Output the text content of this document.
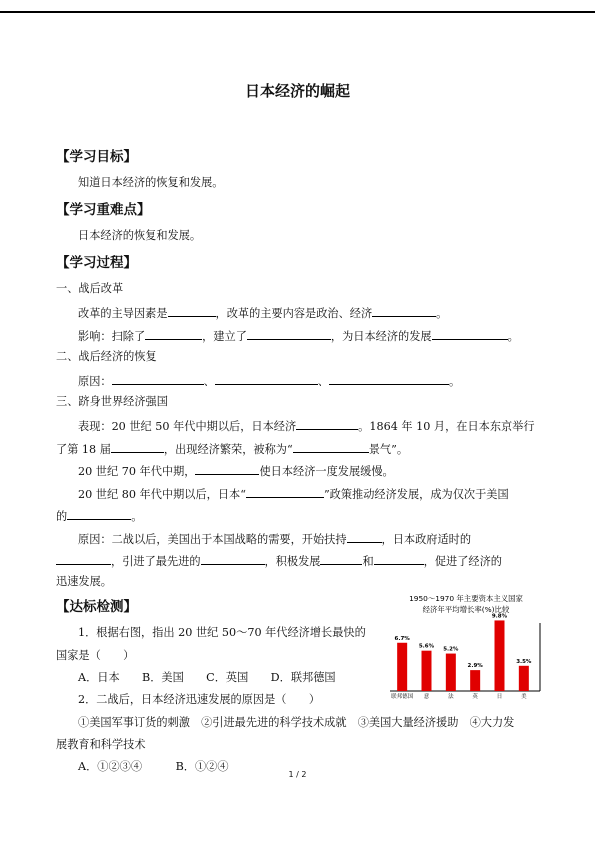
日本经济的崛起
【学习目标】
知道日本经济的恢复和发展。
【学习重难点】
日本经济的恢复和发展。
【学习过程】
一、战后改革
改革的主导因素是	，改革的主要内容是政治、经济	。
影响：扫除了	，建立了	，为日本经济的发展	。
二、战后经济的恢复
原因：	、	、	。
三、跻身世界经济强国
表现：20 世纪 50 年代中期以后，日本经济	。1864 年 10 月，在日本东京举行
了第 18 届	，出现经济繁荣，被称为“	景气”。
20 世纪 70 年代中期，	使日本经济一度发展缓慢。
20 世纪 80 年代中期以后，日本“	”政策推动经济发展，成为仅次于美国
的	。
原因：二战以后，美国出于本国战略的需要，开始扶持	，日本政府适时的
，引进了最先进的	，积极发展	和	，促进了经济的
迅速发展。
【达标检测】
1．根据右图，指出 20 世纪 50～70 年代经济增长最快的
国家是（　　）
A．日本　　B．美国　　C．英国　　D．联邦德国
2．二战后，日本经济迅速发展的原因是（　　）
①美国军事订货的刺激　②引进最先进的科学技术成就　③美国大量经济援助　④大力发
展教育和科学技术
A．①②③④　　　B．①②④
1950～1970 年主要资本主义国家
经济年平均增长率(%)比较
6.7%
联邦德国
5.6%
意
5.2%
法
2.9%
英
9.8%
日
3.5%
美
1 / 2
